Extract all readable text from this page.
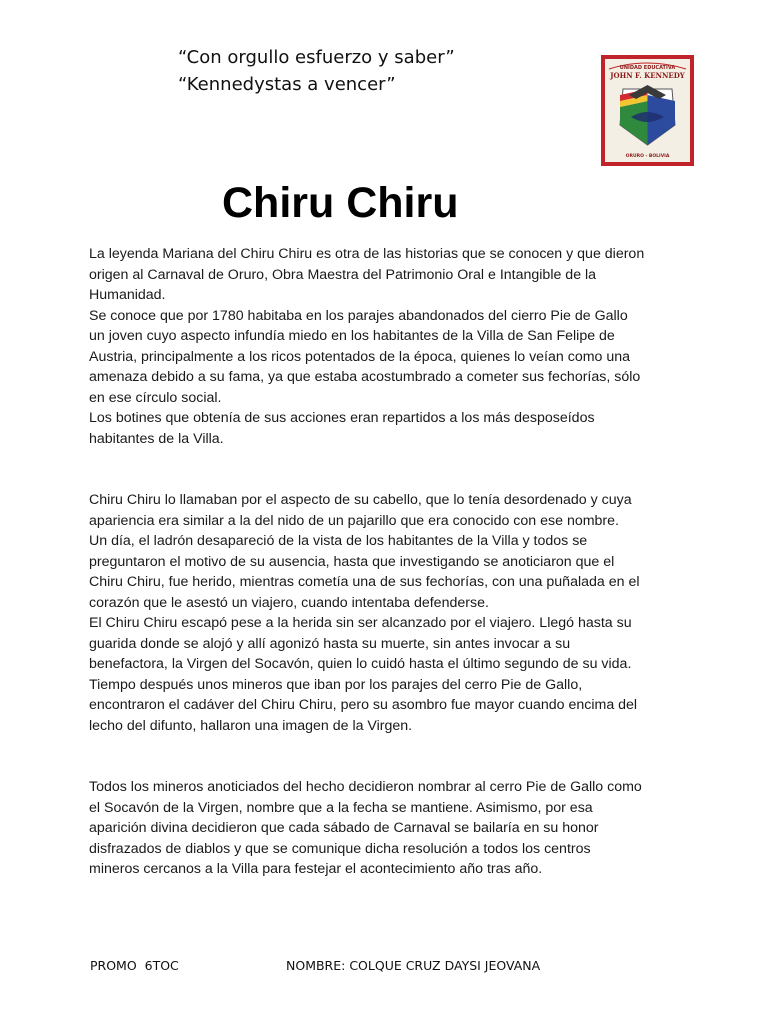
“Con orgullo esfuerzo y saber”
“Kennedystas a vencer”
UNIDAD EDUCATIVA
JOHN F. KENNEDY
ORURO - BOLIVIA
Chiru Chiru

La leyenda Mariana del Chiru Chiru es otra de las historias que se conocen y que dieron

origen al Carnaval de Oruro, Obra Maestra del Patrimonio Oral e Intangible de la

Humanidad.

Se conoce que por 1780 habitaba en los parajes abandonados del cierro Pie de Gallo

un joven cuyo aspecto infundía miedo en los habitantes de la Villa de San Felipe de

Austria, principalmente a los ricos potentados de la época, quienes lo veían como una

amenaza debido a su fama, ya que estaba acostumbrado a cometer sus fechorías, sólo

en ese círculo social.

Los botines que obtenía de sus acciones eran repartidos a los más desposeídos

habitantes de la Villa.

Chiru Chiru lo llamaban por el aspecto de su cabello, que lo tenía desordenado y cuya

apariencia era similar a la del nido de un pajarillo que era conocido con ese nombre.

Un día, el ladrón desapareció de la vista de los habitantes de la Villa y todos se

preguntaron el motivo de su ausencia, hasta que investigando se anoticiaron que el

Chiru Chiru, fue herido, mientras cometía una de sus fechorías, con una puñalada en el

corazón que le asestó un viajero, cuando intentaba defenderse.

El Chiru Chiru escapó pese a la herida sin ser alcanzado por el viajero. Llegó hasta su

guarida donde se alojó y allí agonizó hasta su muerte, sin antes invocar a su

benefactora, la Virgen del Socavón, quien lo cuidó hasta el último segundo de su vida.

Tiempo después unos mineros que iban por los parajes del cerro Pie de Gallo,

encontraron el cadáver del Chiru Chiru, pero su asombro fue mayor cuando encima del

lecho del difunto, hallaron una imagen de la Virgen.

Todos los mineros anoticiados del hecho decidieron nombrar al cerro Pie de Gallo como

el Socavón de la Virgen, nombre que a la fecha se mantiene. Asimismo, por esa

aparición divina decidieron que cada sábado de Carnaval se bailaría en su honor

disfrazados de diablos y que se comunique dicha resolución a todos los centros

mineros cercanos a la Villa para festejar el acontecimiento año tras año.

PROMO  6TOC	NOMBRE: COLQUE CRUZ DAYSI JEOVANA
